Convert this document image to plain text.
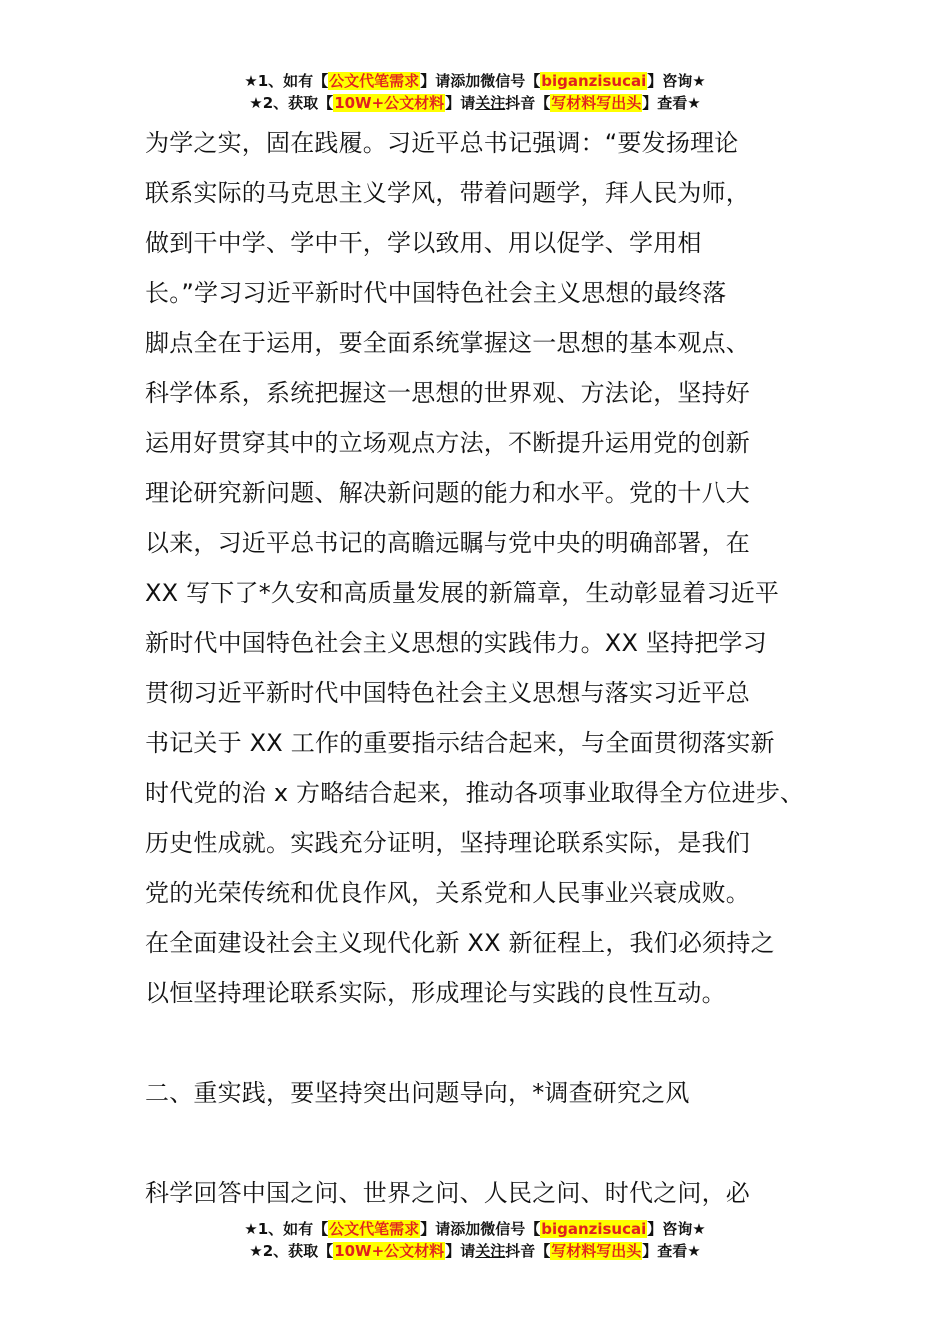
★1、如有【公文代笔需求】请添加微信号【biganzisucai】咨询★
★2、获取【10W+公文材料】请关注抖音【写材料写出头】查看★
为学之实，固在践履。习近平总书记强调：“要发扬理论
联系实际的马克思主义学风，带着问题学，拜人民为师，
做到干中学、学中干，学以致用、用以促学、学用相
长。”学习习近平新时代中国特色社会主义思想的最终落
脚点全在于运用，要全面系统掌握这一思想的基本观点、
科学体系，系统把握这一思想的世界观、方法论，坚持好
运用好贯穿其中的立场观点方法，不断提升运用党的创新
理论研究新问题、解决新问题的能力和水平。党的十八大
以来，习近平总书记的高瞻远瞩与党中央的明确部署，在
XX 写下了*久安和高质量发展的新篇章，生动彰显着习近平
新时代中国特色社会主义思想的实践伟力。XX 坚持把学习
贯彻习近平新时代中国特色社会主义思想与落实习近平总
书记关于 XX 工作的重要指示结合起来，与全面贯彻落实新
时代党的治 x 方略结合起来，推动各项事业取得全方位进步、
历史性成就。实践充分证明，坚持理论联系实际，是我们
党的光荣传统和优良作风，关系党和人民事业兴衰成败。
在全面建设社会主义现代化新 XX 新征程上，我们必须持之
以恒坚持理论联系实际，形成理论与实践的良性互动。
二、重实践，要坚持突出问题导向，*调查研究之风
科学回答中国之问、世界之问、人民之问、时代之问，必
★1、如有【公文代笔需求】请添加微信号【biganzisucai】咨询★
★2、获取【10W+公文材料】请关注抖音【写材料写出头】查看★
